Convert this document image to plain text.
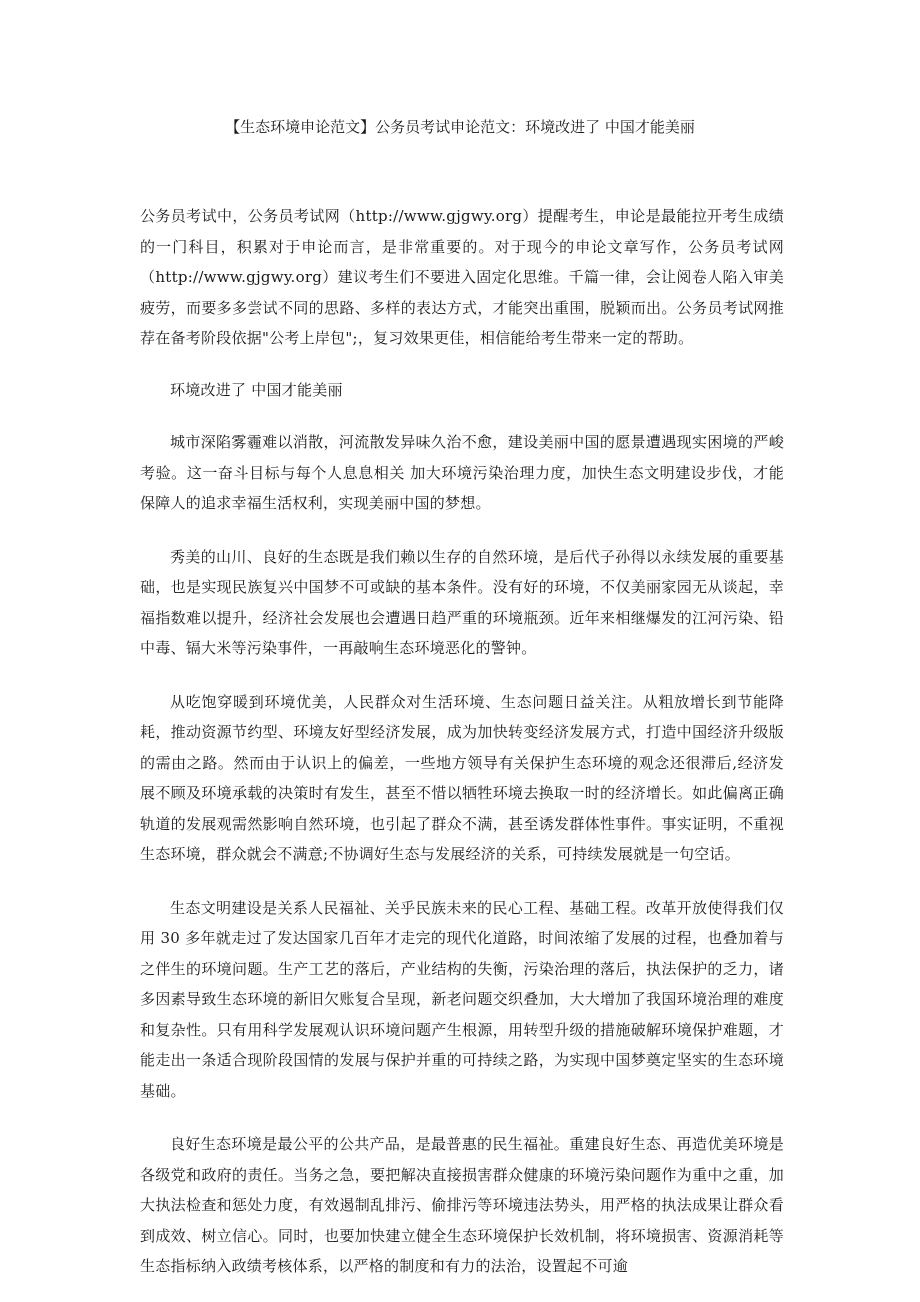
【生态环境申论范文】公务员考试申论范文：环境改进了 中国才能美丽

公务员考试中，公务员考试网（http://www.gjgwy.org）提醒考生，申论是最能拉开考生成绩的一门科目，积累对于申论而言，是非常重要的。对于现今的申论文章写作，公务员考试网（http://www.gjgwy.org）建议考生们不要进入固定化思维。千篇一律，会让阅卷人陷入审美疲劳，而要多多尝试不同的思路、多样的表达方式，才能突出重围，脱颖而出。公务员考试网推荐在备考阶段依据"公考上岸包";，复习效果更佳，相信能给考生带来一定的帮助。

环境改进了 中国才能美丽

城市深陷雾霾难以消散，河流散发异味久治不愈，建设美丽中国的愿景遭遇现实困境的严峻考验。这一奋斗目标与每个人息息相关 加大环境污染治理力度，加快生态文明建设步伐，才能保障人的追求幸福生活权利，实现美丽中国的梦想。

秀美的山川、良好的生态既是我们赖以生存的自然环境，是后代子孙得以永续发展的重要基础，也是实现民族复兴中国梦不可或缺的基本条件。没有好的环境，不仅美丽家园无从谈起，幸福指数难以提升，经济社会发展也会遭遇日趋严重的环境瓶颈。近年来相继爆发的江河污染、铅中毒、镉大米等污染事件，一再敲响生态环境恶化的警钟。

从吃饱穿暖到环境优美，人民群众对生活环境、生态问题日益关注。从粗放增长到节能降耗，推动资源节约型、环境友好型经济发展，成为加快转变经济发展方式，打造中国经济升级版的需由之路。然而由于认识上的偏差，一些地方领导有关保护生态环境的观念还很滞后,经济发展不顾及环境承载的决策时有发生，甚至不惜以牺牲环境去换取一时的经济增长。如此偏离正确轨道的发展观需然影响自然环境，也引起了群众不满，甚至诱发群体性事件。事实证明，不重视生态环境，群众就会不满意;不协调好生态与发展经济的关系，可持续发展就是一句空话。

生态文明建设是关系人民福祉、关乎民族未来的民心工程、基础工程。改革开放使得我们仅用 30 多年就走过了发达国家几百年才走完的现代化道路，时间浓缩了发展的过程，也叠加着与之伴生的环境问题。生产工艺的落后，产业结构的失衡，污染治理的落后，执法保护的乏力，诸多因素导致生态环境的新旧欠账复合呈现，新老问题交织叠加，大大增加了我国环境治理的难度和复杂性。只有用科学发展观认识环境问题产生根源，用转型升级的措施破解环境保护难题，才能走出一条适合现阶段国情的发展与保护并重的可持续之路，为实现中国梦奠定坚实的生态环境基础。

良好生态环境是最公平的公共产品，是最普惠的民生福祉。重建良好生态、再造优美环境是各级党和政府的责任。当务之急，要把解决直接损害群众健康的环境污染问题作为重中之重，加大执法检查和惩处力度，有效遏制乱排污、偷排污等环境违法势头，用严格的执法成果让群众看到成效、树立信心。同时，也要加快建立健全生态环境保护长效机制，将环境损害、资源消耗等生态指标纳入政绩考核体系，以严格的制度和有力的法治，设置起不可逾
